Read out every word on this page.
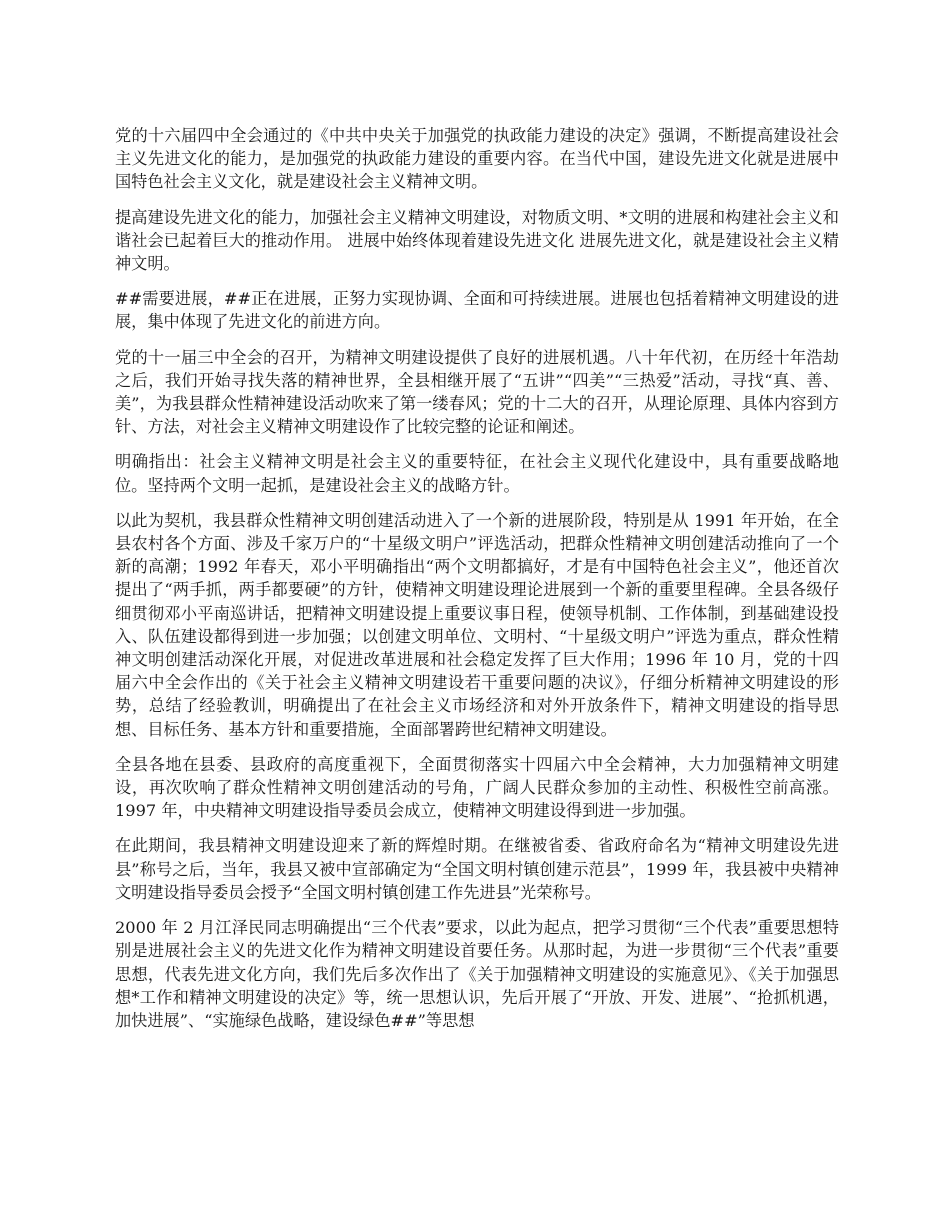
党的十六届四中全会通过的《中共中央关于加强党的执政能力建设的决定》强调，不断提高建设社会主义先进文化的能力，是加强党的执政能力建设的重要内容。在当代中国，建设先进文化就是进展中国特色社会主义文化，就是建设社会主义精神文明。

提高建设先进文化的能力，加强社会主义精神文明建设，对物质文明、*文明的进展和构建社会主义和谐社会已起着巨大的推动作用。 进展中始终体现着建设先进文化 进展先进文化，就是建设社会主义精神文明。

##需要进展，##正在进展，正努力实现协调、全面和可持续进展。进展也包括着精神文明建设的进展，集中体现了先进文化的前进方向。

党的十一届三中全会的召开，为精神文明建设提供了良好的进展机遇。八十年代初，在历经十年浩劫之后，我们开始寻找失落的精神世界，全县相继开展了“五讲”“四美”“三热爱”活动，寻找“真、善、美”，为我县群众性精神建设活动吹来了第一缕春风；党的十二大的召开，从理论原理、具体内容到方针、方法，对社会主义精神文明建设作了比较完整的论证和阐述。

明确指出：社会主义精神文明是社会主义的重要特征，在社会主义现代化建设中，具有重要战略地位。坚持两个文明一起抓，是建设社会主义的战略方针。

以此为契机，我县群众性精神文明创建活动进入了一个新的进展阶段，特别是从 1991 年开始，在全县农村各个方面、涉及千家万户的“十星级文明户”评选活动，把群众性精神文明创建活动推向了一个新的高潮；1992 年春天，邓小平明确指出“两个文明都搞好，才是有中国特色社会主义”，他还首次提出了“两手抓，两手都要硬”的方针，使精神文明建设理论进展到一个新的重要里程碑。全县各级仔细贯彻邓小平南巡讲话，把精神文明建设提上重要议事日程，使领导机制、工作体制，到基础建设投入、队伍建设都得到进一步加强；以创建文明单位、文明村、“十星级文明户”评选为重点，群众性精神文明创建活动深化开展，对促进改革进展和社会稳定发挥了巨大作用；1996 年 10 月，党的十四届六中全会作出的《关于社会主义精神文明建设若干重要问题的决议》，仔细分析精神文明建设的形势，总结了经验教训，明确提出了在社会主义市场经济和对外开放条件下，精神文明建设的指导思想、目标任务、基本方针和重要措施，全面部署跨世纪精神文明建设。

全县各地在县委、县政府的高度重视下，全面贯彻落实十四届六中全会精神，大力加强精神文明建设，再次吹响了群众性精神文明创建活动的号角，广阔人民群众参加的主动性、积极性空前高涨。1997 年，中央精神文明建设指导委员会成立，使精神文明建设得到进一步加强。

在此期间，我县精神文明建设迎来了新的辉煌时期。在继被省委、省政府命名为“精神文明建设先进县”称号之后，当年，我县又被中宣部确定为“全国文明村镇创建示范县”，1999 年，我县被中央精神文明建设指导委员会授予“全国文明村镇创建工作先进县”光荣称号。

2000 年 2 月江泽民同志明确提出“三个代表”要求，以此为起点，把学习贯彻“三个代表”重要思想特别是进展社会主义的先进文化作为精神文明建设首要任务。从那时起，为进一步贯彻“三个代表”重要思想，代表先进文化方向，我们先后多次作出了《关于加强精神文明建设的实施意见》、《关于加强思想*工作和精神文明建设的决定》等，统一思想认识，先后开展了“开放、开发、进展”、“抢抓机遇，加快进展”、“实施绿色战略，建设绿色##”等思想
